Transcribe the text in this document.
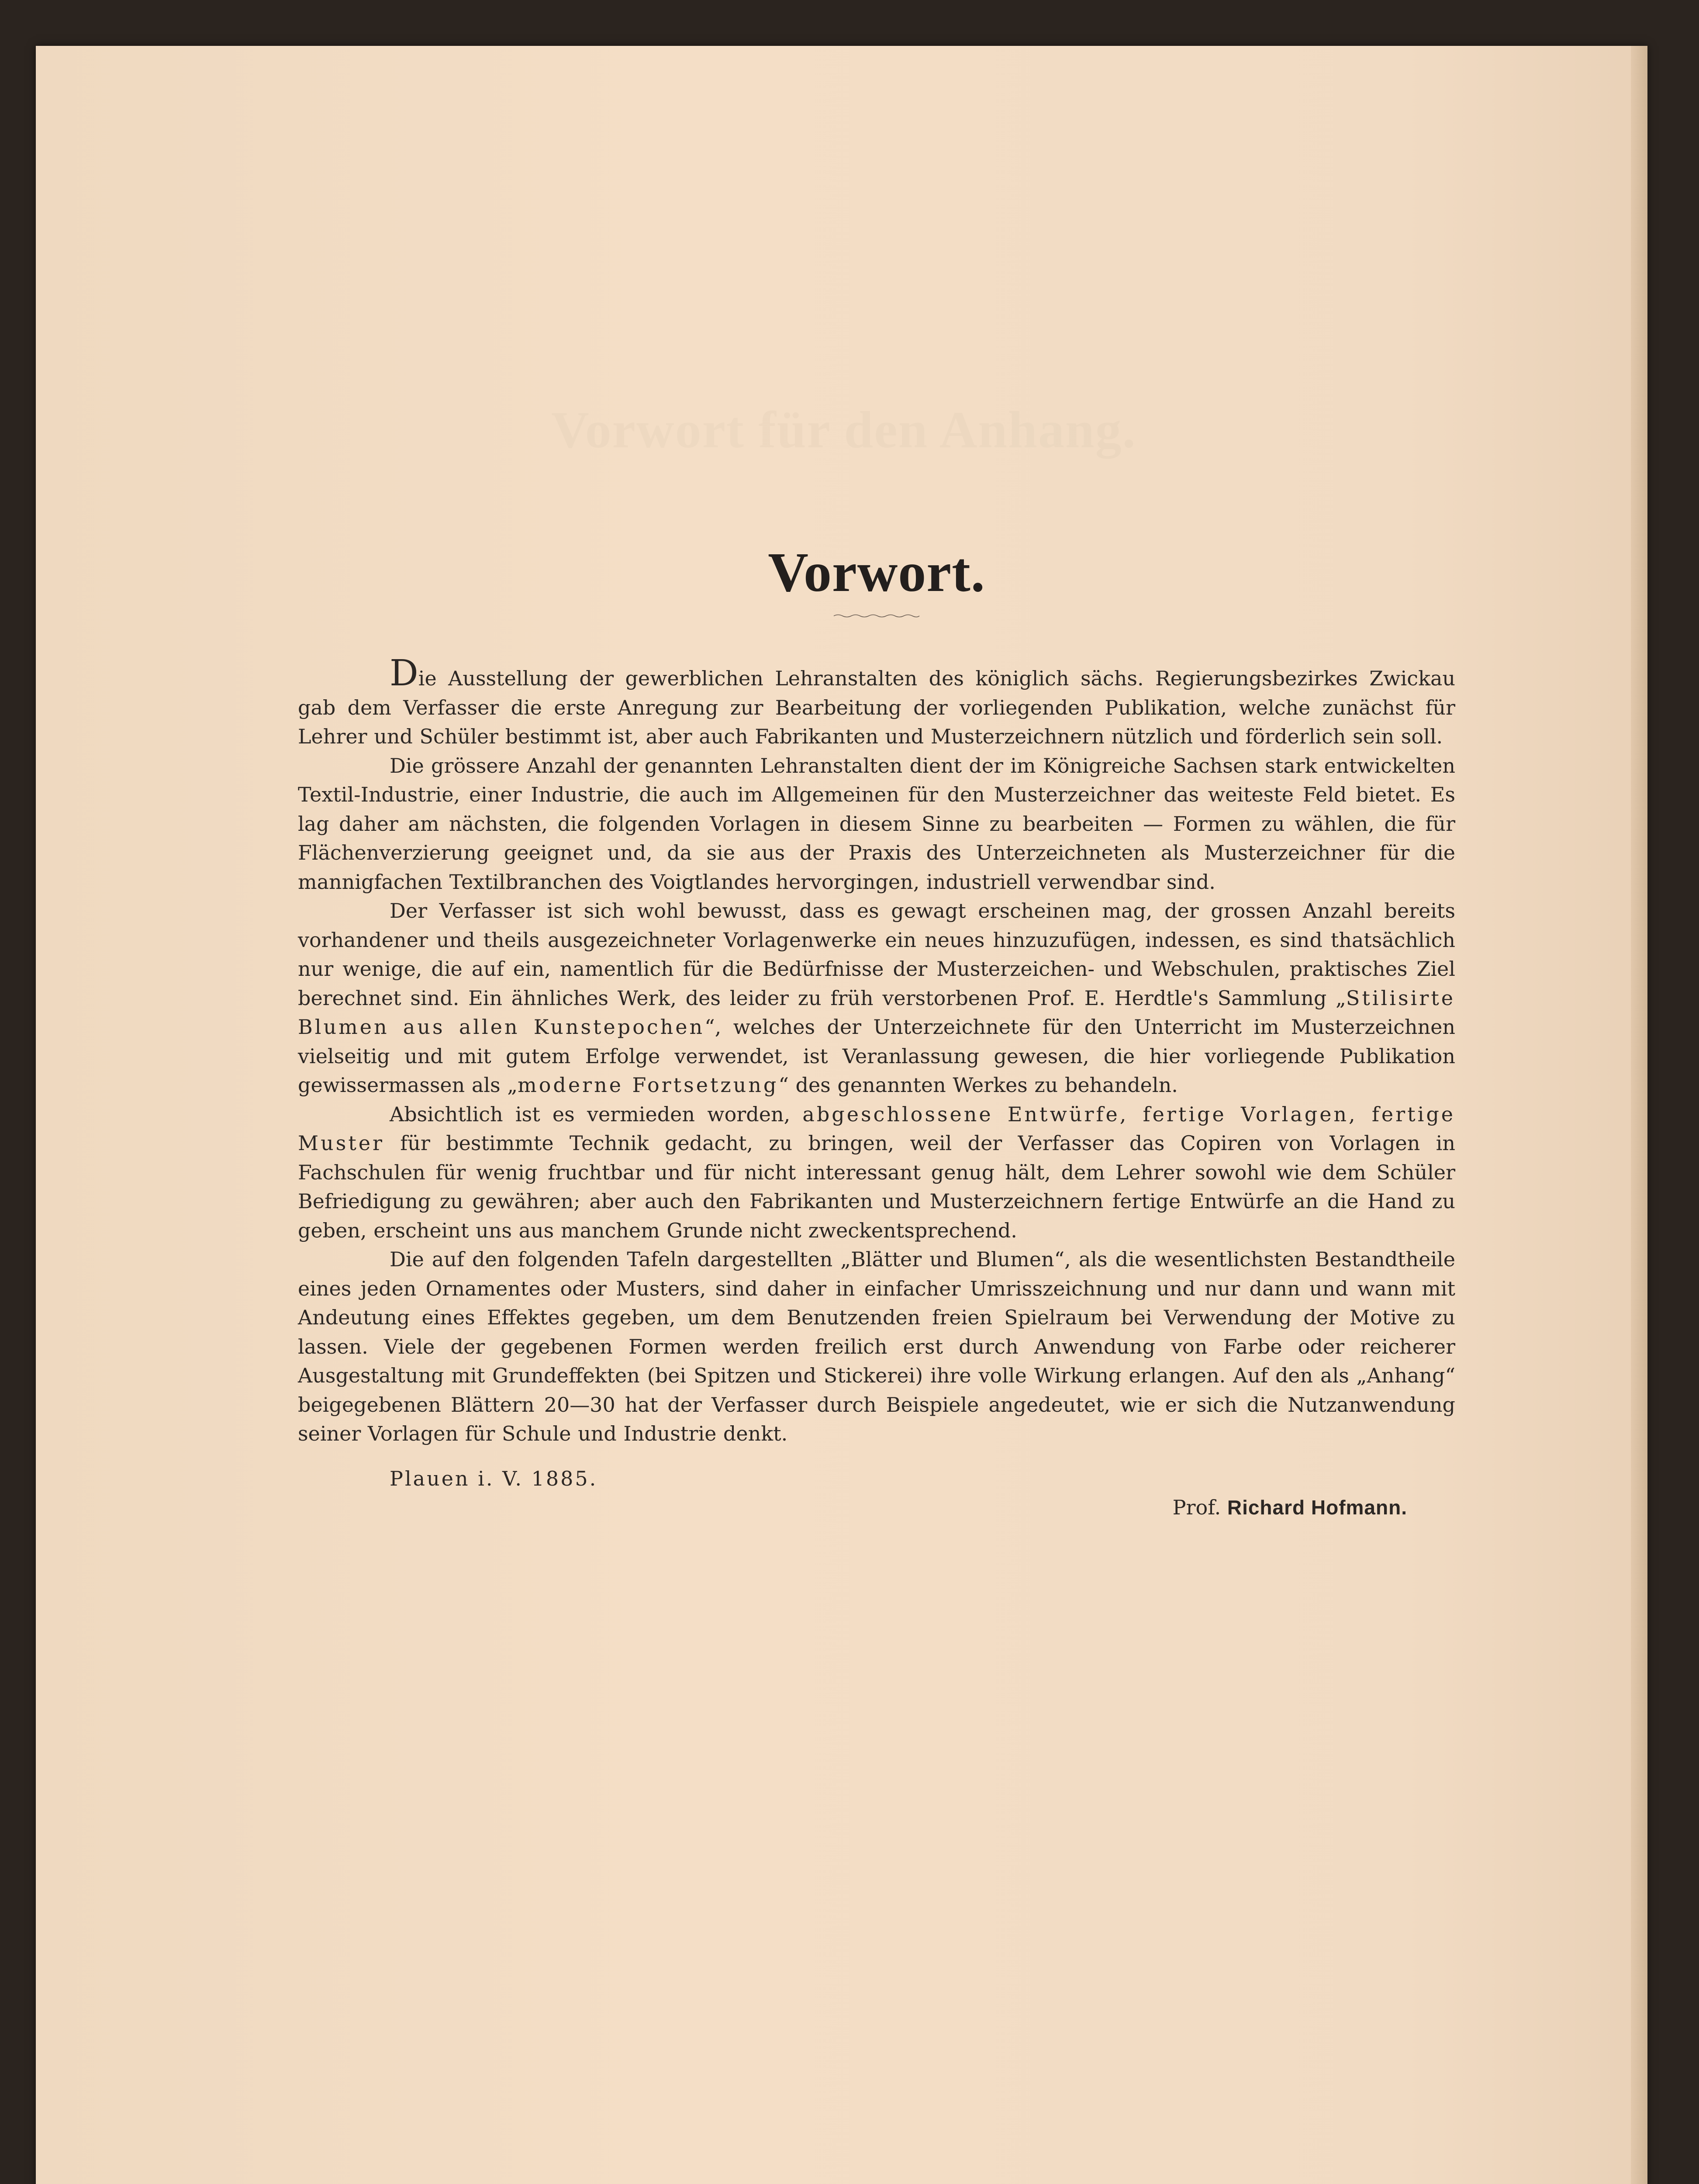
Vorwort für den Anhang.
Vorwort.

Die Ausstellung der gewerblichen Lehranstalten des königlich sächs. Regierungsbezirkes Zwickau gab dem Verfasser die erste Anregung zur Bearbeitung der vorliegenden Publikation, welche zunächst für Lehrer und Schüler bestimmt ist, aber auch Fabrikanten und Musterzeichnern nützlich und förderlich sein soll.

Die grössere Anzahl der genannten Lehranstalten dient der im Königreiche Sachsen stark entwickelten Textil-Industrie, einer Industrie, die auch im Allgemeinen für den Musterzeichner das weiteste Feld bietet. Es lag daher am nächsten, die folgenden Vorlagen in diesem Sinne zu bearbeiten — Formen zu wählen, die für Flächenverzierung geeignet und, da sie aus der Praxis des Unterzeichneten als Musterzeichner für die mannigfachen Textilbranchen des Voigtlandes hervorgingen, industriell verwendbar sind.

Der Verfasser ist sich wohl bewusst, dass es gewagt erscheinen mag, der grossen Anzahl bereits vorhandener und theils ausgezeichneter Vorlagenwerke ein neues hinzuzufügen, indessen, es sind thatsächlich nur wenige, die auf ein, namentlich für die Bedürfnisse der Musterzeichen- und Webschulen, praktisches Ziel berechnet sind. Ein ähnliches Werk, des leider zu früh verstorbenen Prof. E. Herdtle's Sammlung „Stilisirte Blumen aus allen Kunstepochen“, welches der Unterzeichnete für den Unterricht im Musterzeichnen vielseitig und mit gutem Erfolge verwendet, ist Veranlassung gewesen, die hier vorliegende Publikation gewissermassen als „moderne Fortsetzung“ des genannten Werkes zu behandeln.

Absichtlich ist es vermieden worden, abgeschlossene Entwürfe, fertige Vorlagen, fertige Muster für bestimmte Technik gedacht, zu bringen, weil der Verfasser das Copiren von Vorlagen in Fachschulen für wenig fruchtbar und für nicht interessant genug hält, dem Lehrer sowohl wie dem Schüler Befriedigung zu gewähren; aber auch den Fabrikanten und Musterzeichnern fertige Entwürfe an die Hand zu geben, erscheint uns aus manchem Grunde nicht zweckentsprechend.

Die auf den folgenden Tafeln dargestellten „Blätter und Blumen“, als die wesentlichsten Bestandtheile eines jeden Ornamentes oder Musters, sind daher in einfacher Umrisszeichnung und nur dann und wann mit Andeutung eines Effektes gegeben, um dem Benutzenden freien Spielraum bei Verwendung der Motive zu lassen. Viele der gegebenen Formen werden freilich erst durch Anwendung von Farbe oder reicherer Ausgestaltung mit Grundeffekten (bei Spitzen und Stickerei) ihre volle Wirkung erlangen. Auf den als „Anhang“ beigegebenen Blättern 20—30 hat der Verfasser durch Beispiele angedeutet, wie er sich die Nutzanwendung seiner Vorlagen für Schule und Industrie denkt.

Plauen i. V. 1885.
Prof. Richard Hofmann.
